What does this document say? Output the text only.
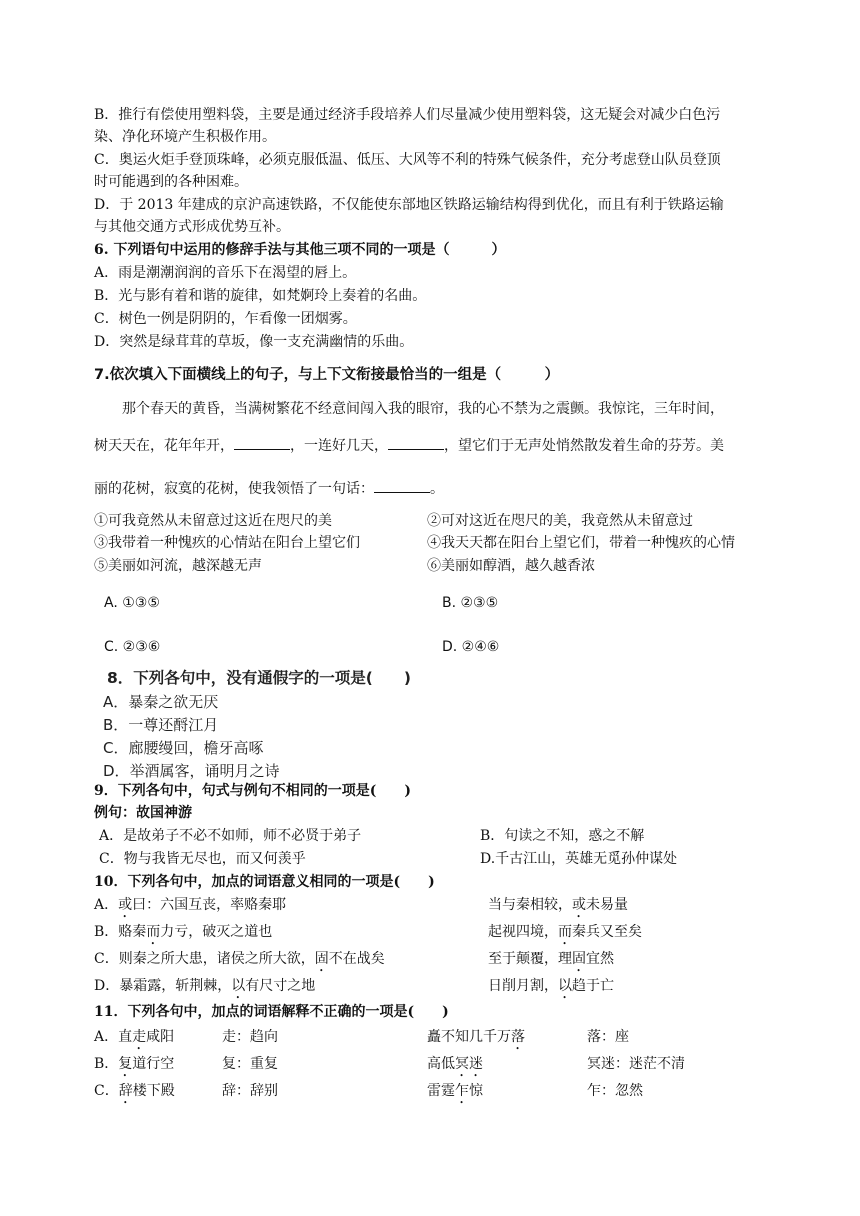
B．推行有偿使用塑料袋，主要是通过经济手段培养人们尽量减少使用塑料袋，这无疑会对减少白色污
染、净化环境产生积极作用。
C．奥运火炬手登顶珠峰，必须克服低温、低压、大风等不利的特殊气候条件，充分考虑登山队员登顶
时可能遇到的各种困难。
D．于 2013 年建成的京沪高速铁路，不仅能使东部地区铁路运输结构得到优化，而且有利于铁路运输
与其他交通方式形成优势互补。
6. 下列语句中运用的修辞手法与其他三项不同的一项是（　　　）
A．雨是潮潮润润的音乐下在渴望的唇上。
B．光与影有着和谐的旋律，如梵婀玲上奏着的名曲。
C．树色一例是阴阴的，乍看像一团烟雾。
D．突然是绿茸茸的草坂，像一支充满幽情的乐曲。
7.依次填入下面横线上的句子，与上下文衔接最恰当的一组是（　　　）
　　那个春天的黄昏，当满树繁花不经意间闯入我的眼帘，我的心不禁为之震颤。我惊诧，三年时间，
树天天在，花年年开，	，一连好几天，	，望它们于无声处悄然散发着生命的芬芳。美
丽的花树，寂寞的花树，使我领悟了一句话：	。
①可我竟然从未留意过这近在咫尺的美	②可对这近在咫尺的美，我竟然从未留意过
③我带着一种愧疚的心情站在阳台上望它们	④我天天都在阳台上望它们，带着一种愧疚的心情
⑤美丽如河流，越深越无声	⑥美丽如醇酒，越久越香浓
A. ①③⑤	B. ②③⑤
C. ②③⑥	D. ②④⑥
8．下列各句中，没有通假字的一项是(　　)
A．暴秦之欲无厌
B．一尊还酹江月
C．廊腰缦回，檐牙高啄
D．举酒属客，诵明月之诗
9．下列各句中，句式与例句不相同的一项是(　　)
例句：故国神游
A．是故弟子不必不如师，师不必贤于弟子	B．句读之不知，惑之不解
C．物与我皆无尽也，而又何羡乎	D.千古江山，英雄无觅孙仲谋处
10．下列各句中，加点的词语意义相同的一项是(　　)
A．或曰：六国互丧，率赂秦耶	当与秦相较，或未易量
B．赂秦而力亏，破灭之道也	起视四境，而秦兵又至矣
C．则秦之所大患，诸侯之所大欲，固不在战矣	至于颠覆，理固宜然
D．暴霜露，斩荆棘，以有尺寸之地	日削月割，以趋于亡
11．下列各句中，加点的词语解释不正确的一项是(　　)
A．直走咸阳	走：趋向	矗不知几千万落	落：座
B．复道行空	复：重复	高低冥迷	冥迷：迷茫不清
C．辞楼下殿	辞：辞别	雷霆乍惊	乍：忽然
